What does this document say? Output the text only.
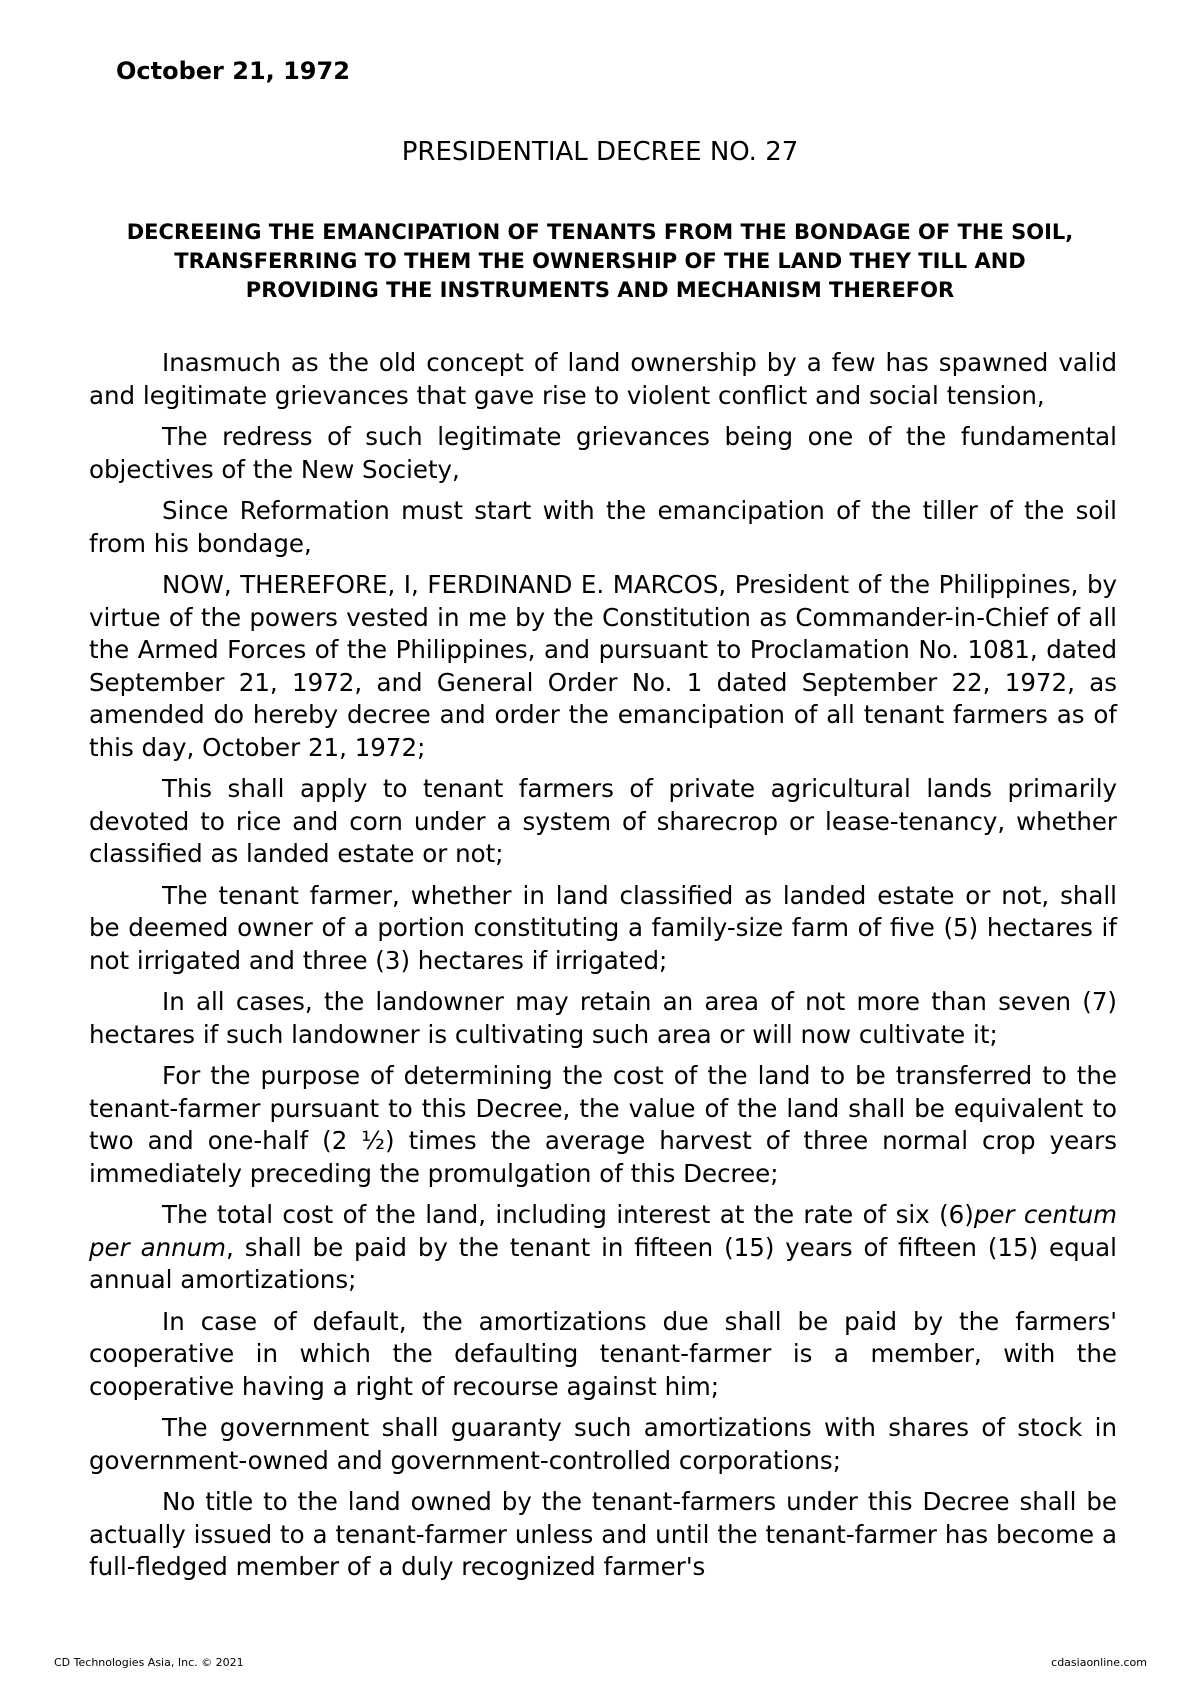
October 21, 1972
PRESIDENTIAL DECREE NO. 27
DECREEING THE EMANCIPATION OF TENANTS FROM THE BONDAGE OF THE SOIL, TRANSFERRING TO THEM THE OWNERSHIP OF THE LAND THEY TILL AND PROVIDING THE INSTRUMENTS AND MECHANISM THEREFOR

Inasmuch as the old concept of land ownership by a few has spawned valid and legitimate grievances that gave rise to violent conflict and social tension,

The redress of such legitimate grievances being one of the fundamental objectives of the New Society,

Since Reformation must start with the emancipation of the tiller of the soil from his bondage,

NOW, THEREFORE, I, FERDINAND E. MARCOS, President of the Philippines, by virtue of the powers vested in me by the Constitution as Commander-in-Chief of all the Armed Forces of the Philippines, and pursuant to Proclamation No. 1081, dated September 21, 1972, and General Order No. 1 dated September 22, 1972, as amended do hereby decree and order the emancipation of all tenant farmers as of this day, October 21, 1972;

This shall apply to tenant farmers of private agricultural lands primarily devoted to rice and corn under a system of sharecrop or lease-tenancy, whether classified as landed estate or not;

The tenant farmer, whether in land classified as landed estate or not, shall be deemed owner of a portion constituting a family-size farm of five (5) hectares if not irrigated and three (3) hectares if irrigated;

In all cases, the landowner may retain an area of not more than seven (7) hectares if such landowner is cultivating such area or will now cultivate it;

For the purpose of determining the cost of the land to be transferred to the tenant-farmer pursuant to this Decree, the value of the land shall be equivalent to two and one-half (2 ½) times the average harvest of three normal crop years immediately preceding the promulgation of this Decree;

The total cost of the land, including interest at the rate of six (6)per centum per annum, shall be paid by the tenant in fifteen (15) years of fifteen (15) equal annual amortizations;

In case of default, the amortizations due shall be paid by the farmers' cooperative in which the defaulting tenant-farmer is a member, with the cooperative having a right of recourse against him;

The government shall guaranty such amortizations with shares of stock in government-owned and government-controlled corporations;

No title to the land owned by the tenant-farmers under this Decree shall be actually issued to a tenant-farmer unless and until the tenant-farmer has become a full-fledged member of a duly recognized farmer's

CD Technologies Asia, Inc. © 2021	cdasiaonline.com
